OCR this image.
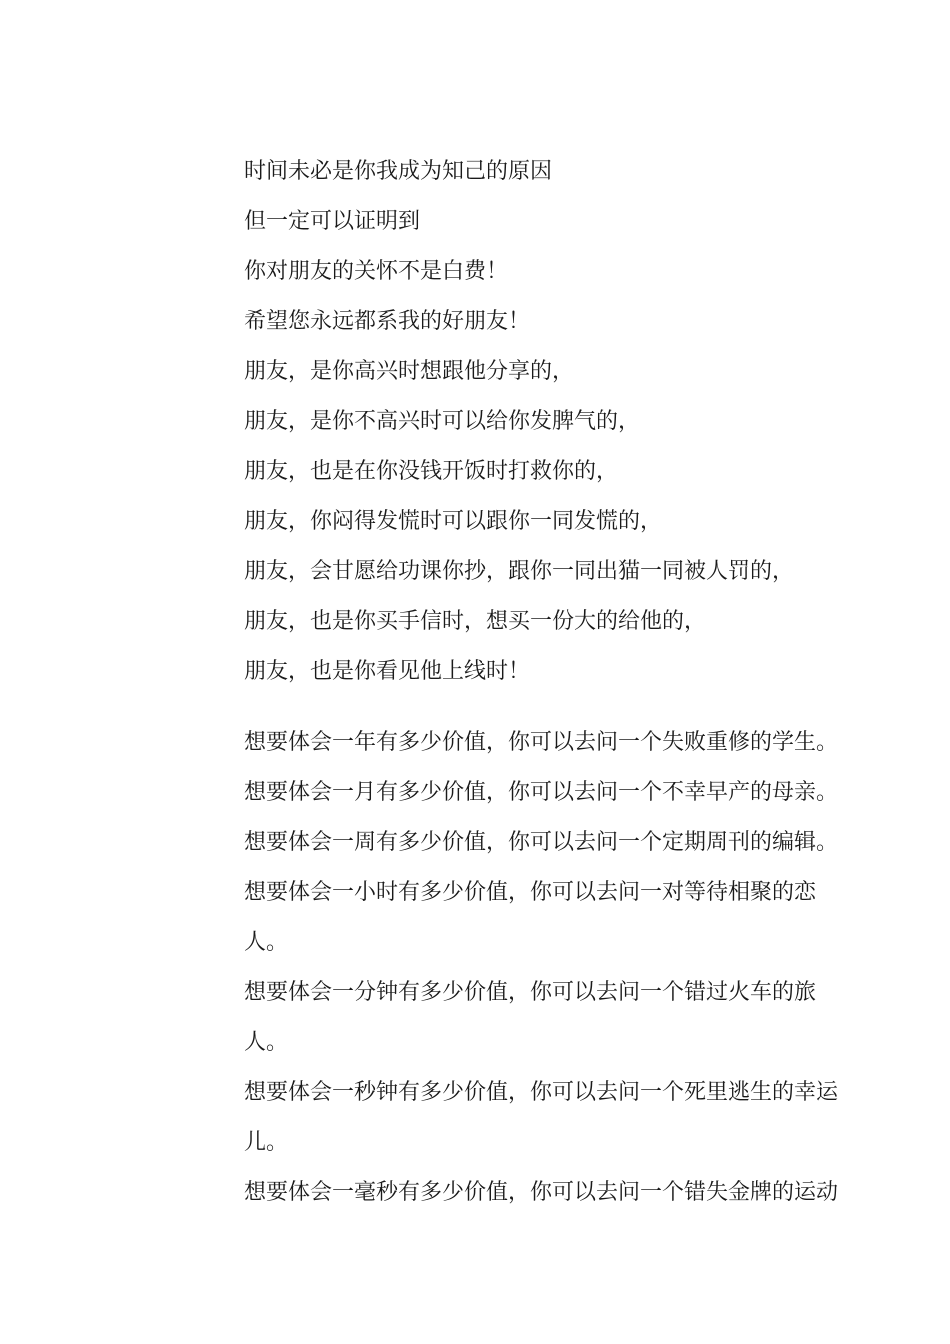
时间未必是你我成为知己的原因
但一定可以证明到
你对朋友的关怀不是白费！
希望您永远都系我的好朋友！
朋友，是你高兴时想跟他分享的，
朋友，是你不高兴时可以给你发脾气的，
朋友，也是在你没钱开饭时打救你的，
朋友，你闷得发慌时可以跟你一同发慌的，
朋友，会甘愿给功课你抄，跟你一同出猫一同被人罚的，
朋友，也是你买手信时，想买一份大的给他的，
朋友，也是你看见他上线时！
想要体会一年有多少价值，你可以去问一个失败重修的学生。
想要体会一月有多少价值，你可以去问一个不幸早产的母亲。
想要体会一周有多少价值，你可以去问一个定期周刊的编辑。
想要体会一小时有多少价值，你可以去问一对等待相聚的恋
人。
想要体会一分钟有多少价值，你可以去问一个错过火车的旅
人。
想要体会一秒钟有多少价值，你可以去问一个死里逃生的幸运
儿。
想要体会一毫秒有多少价值，你可以去问一个错失金牌的运动
